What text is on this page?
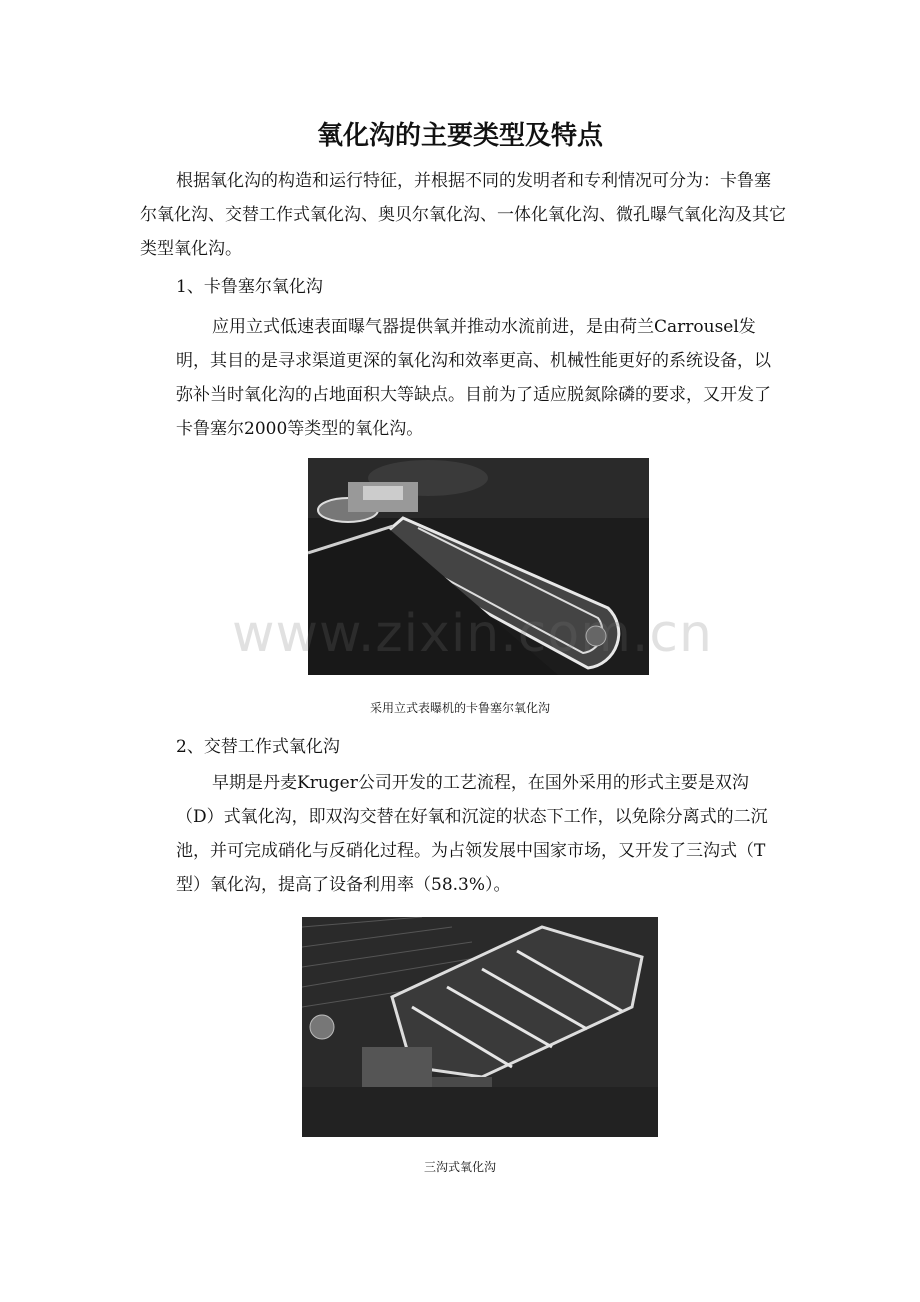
氧化沟的主要类型及特点

根据氧化沟的构造和运行特征，并根据不同的发明者和专利情况可分为：卡鲁塞尔氧化沟、交替工作式氧化沟、奥贝尔氧化沟、一体化氧化沟、微孔曝气氧化沟及其它类型氧化沟。

1、卡鲁塞尔氧化沟

应用立式低速表面曝气器提供氧并推动水流前进，是由荷兰Carrousel发明，其目的是寻求渠道更深的氧化沟和效率更高、机械性能更好的系统设备，以弥补当时氧化沟的占地面积大等缺点。目前为了适应脱氮除磷的要求，又开发了卡鲁塞尔2000等类型的氧化沟。

www.zixin.com.cn
采用立式表曝机的卡鲁塞尔氧化沟
2、交替工作式氧化沟

早期是丹麦Kruger公司开发的工艺流程，在国外采用的形式主要是双沟（D）式氧化沟，即双沟交替在好氧和沉淀的状态下工作，以免除分离式的二沉池，并可完成硝化与反硝化过程。为占领发展中国家市场，又开发了三沟式（T型）氧化沟，提高了设备利用率（58.3%）。

三沟式氧化沟
